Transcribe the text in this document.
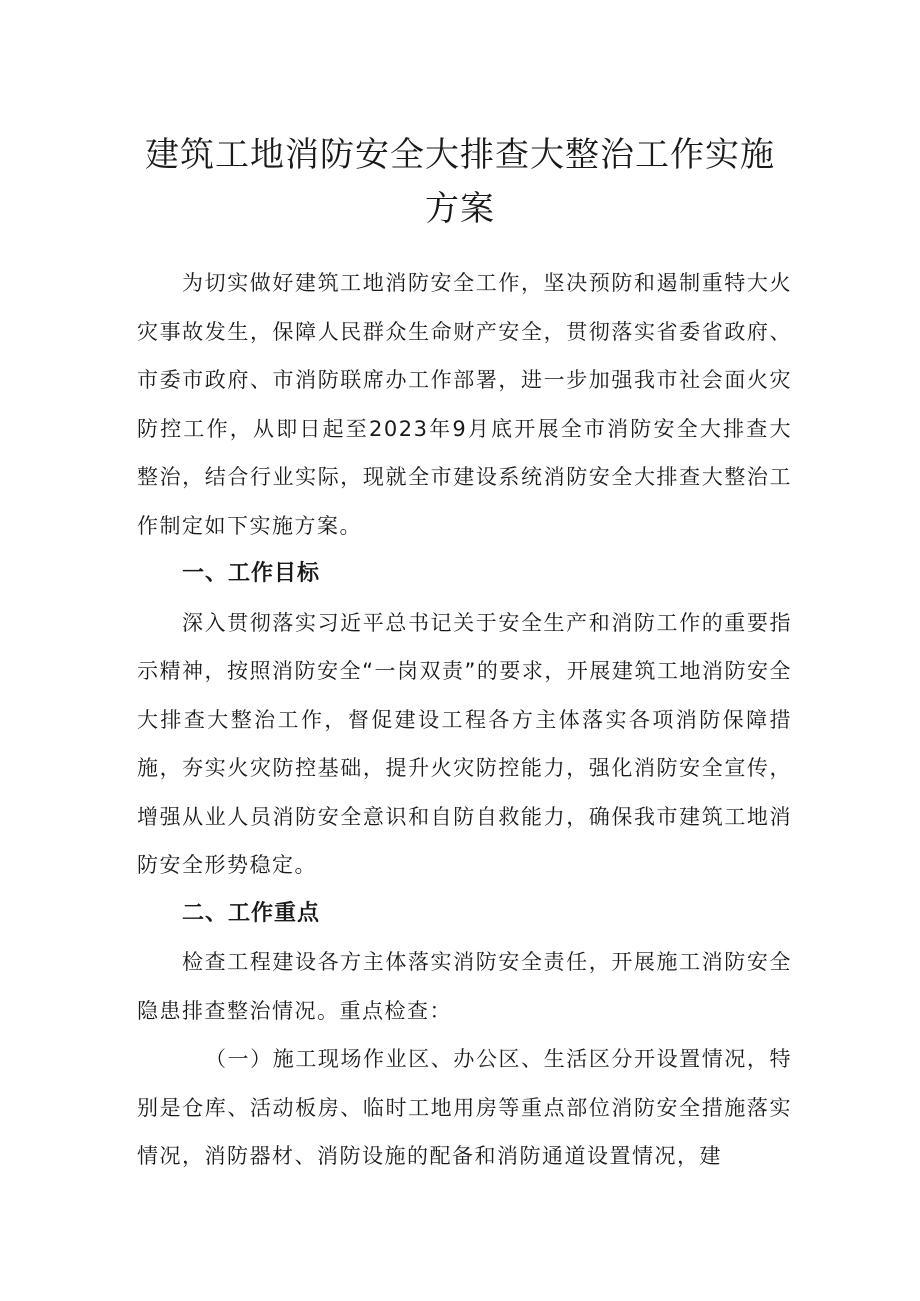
建筑工地消防安全大排查大整治工作实施
方案

为切实做好建筑工地消防安全工作，坚决预防和遏制重特大火灾事故发生，保障人民群众生命财产安全，贯彻落实省委省政府、市委市政府、市消防联席办工作部署，进一步加强我市社会面火灾防控工作，从即日起至2023年9月底开展全市消防安全大排查大整治，结合行业实际，现就全市建设系统消防安全大排查大整治工作制定如下实施方案。

一、工作目标

深入贯彻落实习近平总书记关于安全生产和消防工作的重要指示精神，按照消防安全“一岗双责”的要求，开展建筑工地消防安全大排查大整治工作，督促建设工程各方主体落实各项消防保障措施，夯实火灾防控基础，提升火灾防控能力，强化消防安全宣传，增强从业人员消防安全意识和自防自救能力，确保我市建筑工地消防安全形势稳定。

二、工作重点

检查工程建设各方主体落实消防安全责任，开展施工消防安全隐患排查整治情况。重点检查：

（一）施工现场作业区、办公区、生活区分开设置情况，特别是仓库、活动板房、临时工地用房等重点部位消防安全措施落实情况，消防器材、消防设施的配备和消防通道设置情况，建
